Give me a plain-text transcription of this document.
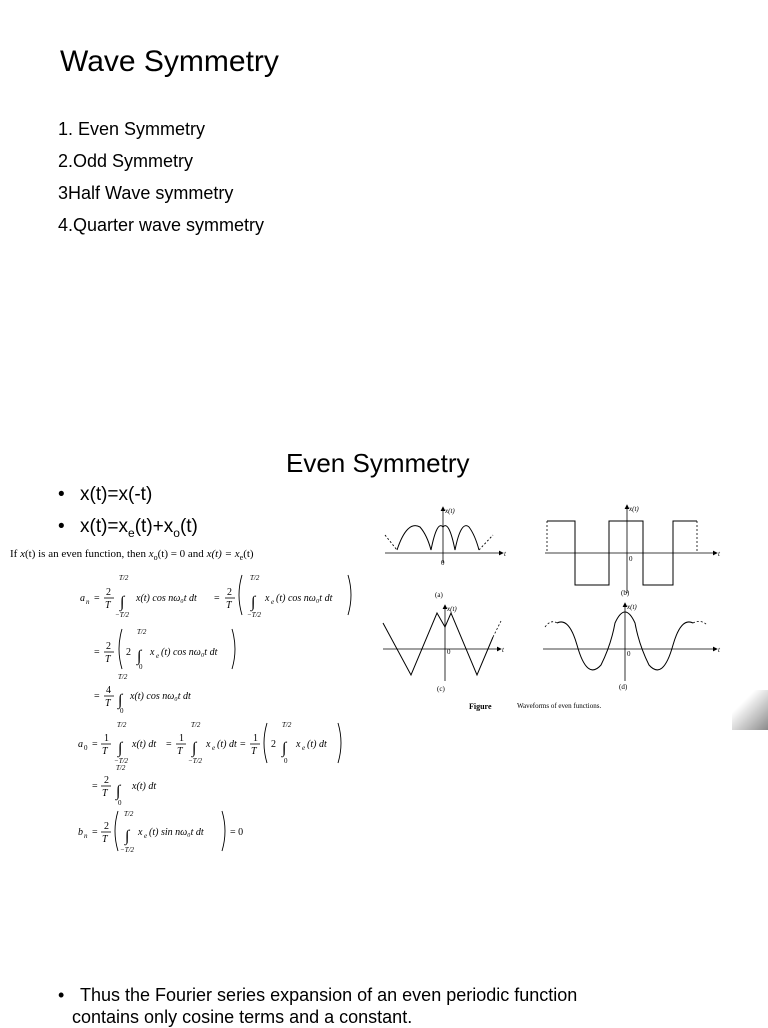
Wave Symmetry
1. Even Symmetry
2.Odd Symmetry
3Half Wave symmetry
4.Quarter wave symmetry
Even Symmetry
• x(t)=x(-t)
• $x(t)=x_e(t)+x_o(t)$
If x(t) is an even function, then $x_o(t) = 0$ and $x(t) = x_e(t)$
a n =
2
T
T/2
∫
−T/2
x(t) cos nω₀t dt =
2
T
T/2
∫
−T/2
x e (t) cos nω₀t dt
=
2
T
2
T/2
∫
0
x e (t) cos nω₀t dt
=
4
T
T/2
∫
0
x(t) cos nω₀t dt
a 0 =
1
T
T/2
∫
−T/2
x(t) dt =
1
T
T/2
∫
−T/2
x e (t) dt =
1
T
2
T/2
∫
0
x e (t) dt
=
2
T
T/2
∫
0
x(t) dt
b n =
2
T
T/2
∫
−T/2
x e (t) sin nω₀t dt	= 0
x(t)
t
0
(a)
x(t)
t
0
(b)
x(t)
t
0
(c)
x(t)
t
0
(d)
Figure	Waveforms of even functions.
• Thus the Fourier series expansion of an even periodic function
contains only cosine terms and a constant.
